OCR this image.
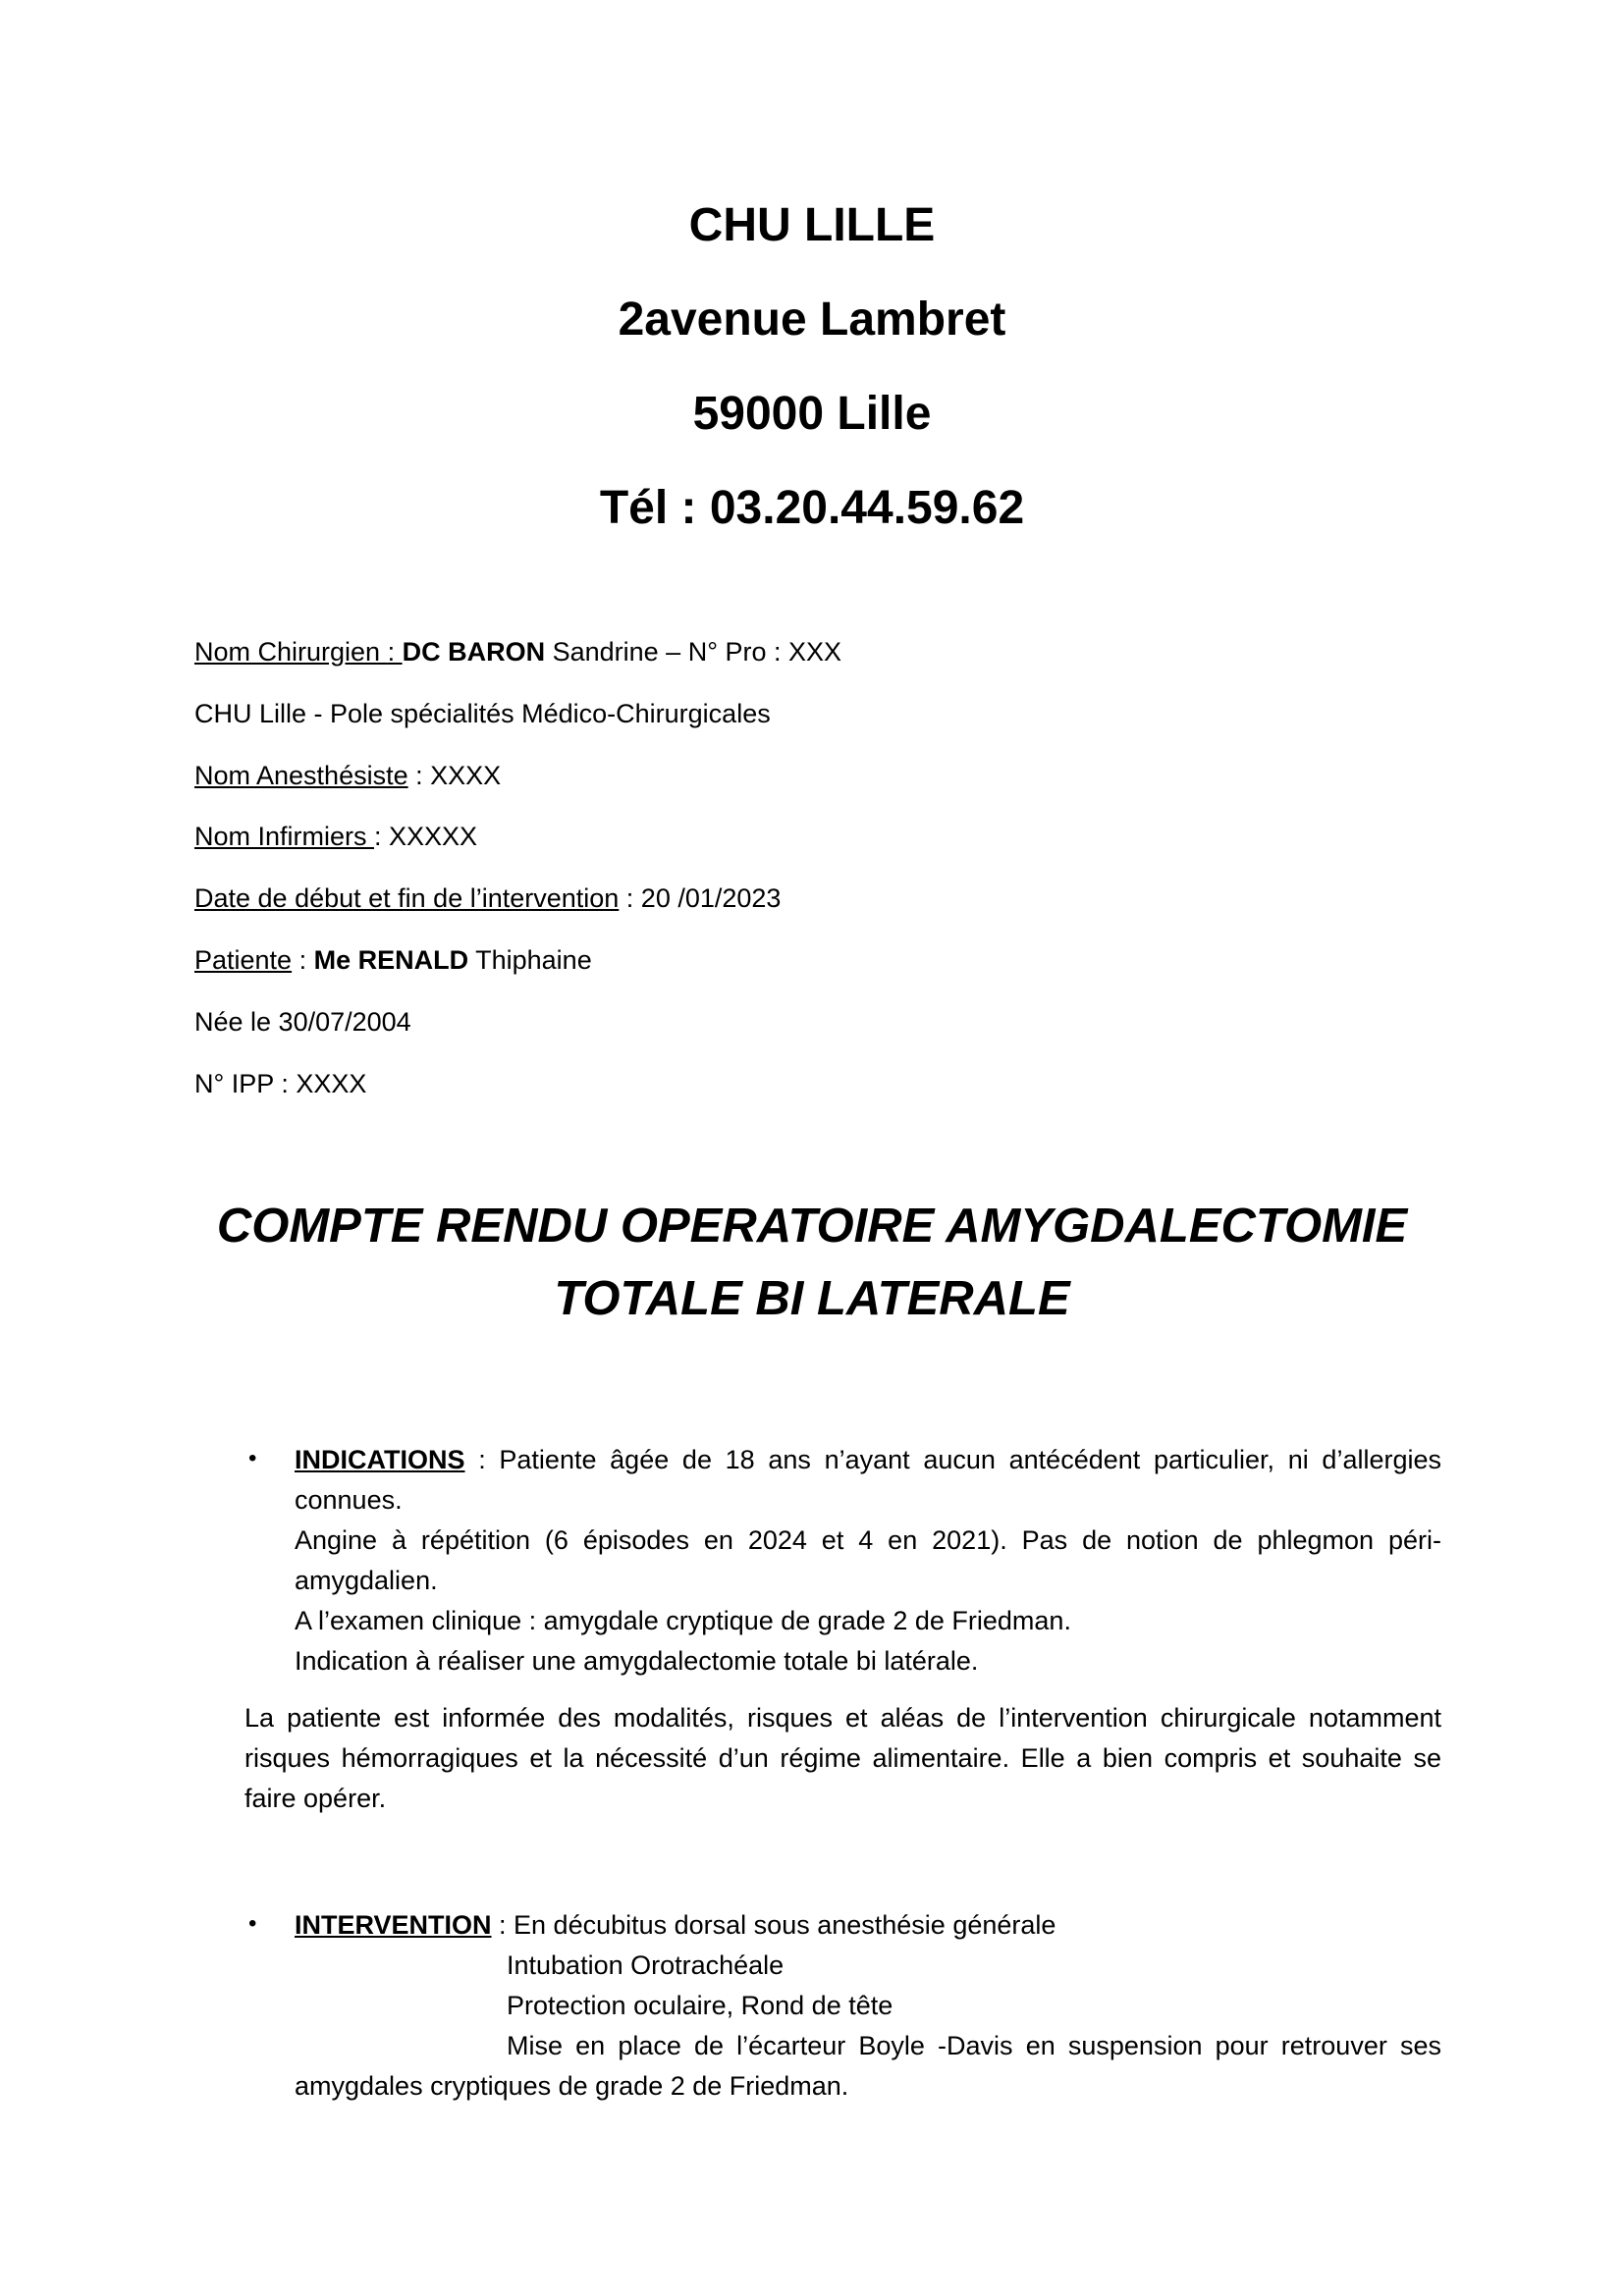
CHU LILLE
2avenue Lambret
59000 Lille
Tél : 03.20.44.59.62
Nom Chirurgien : DC BARON Sandrine – N° Pro : XXX
CHU Lille - Pole spécialités Médico-Chirurgicales
Nom Anesthésiste : XXXX
Nom Infirmiers : XXXXX
Date de début et fin de l’intervention : 20 /01/2023
Patiente : Me RENALD Thiphaine
Née le 30/07/2004
N° IPP : XXXX
COMPTE RENDU OPERATOIRE AMYGDALECTOMIE
TOTALE BI LATERALE
• INDICATIONS : Patiente âgée de 18 ans n’ayant aucun antécédent particulier, ni d’allergies
connues.
Angine à répétition (6 épisodes en 2024 et 4 en 2021). Pas de notion de phlegmon péri-
amygdalien.
A l’examen clinique : amygdale cryptique de grade 2 de Friedman.
Indication à réaliser une amygdalectomie totale bi latérale.
La patiente est informée des modalités, risques et aléas de l’intervention chirurgicale notamment
risques hémorragiques et la nécessité d’un régime alimentaire. Elle a bien compris et souhaite se
faire opérer.
• INTERVENTION : En décubitus dorsal sous anesthésie générale
Intubation Orotrachéale
Protection oculaire, Rond de tête
Mise en place de l’écarteur Boyle -Davis en suspension pour retrouver ses
amygdales cryptiques de grade 2 de Friedman.
